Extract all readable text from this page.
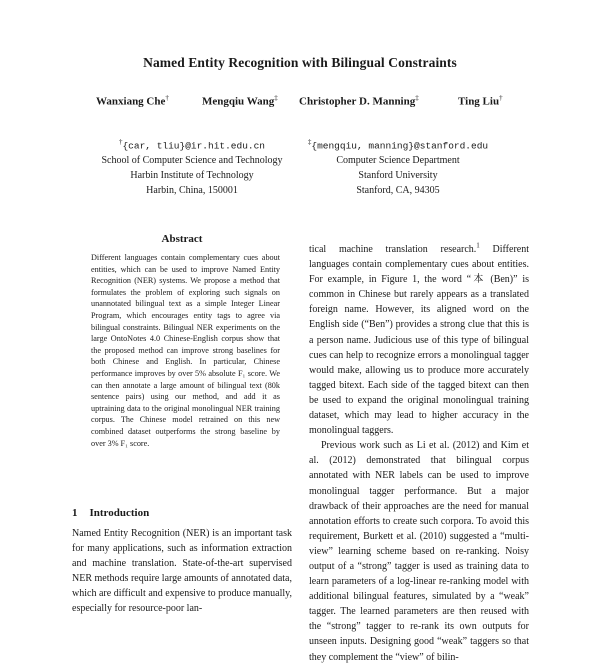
Named Entity Recognition with Bilingual Constraints
Wanxiang Che†	Mengqiu Wang‡ Christopher D. Manning‡	Ting Liu†
†{car, tliu}@ir.hit.edu.cn
School of Computer Science and Technology
Harbin Institute of Technology
Harbin, China, 150001
‡{mengqiu, manning}@stanford.edu
Computer Science Department
Stanford University
Stanford, CA, 94305
Abstract
Different languages contain complementary cues about entities, which can be used to improve Named Entity Recognition (NER) systems. We propose a method that formulates the problem of exploring such signals on unannotated bilingual text as a simple Integer Linear Program, which encourages entity tags to agree via bilingual constraints. Bilingual NER experiments on the large OntoNotes 4.0 Chinese-English corpus show that the proposed method can improve strong baselines for both Chinese and English. In particular, Chinese performance improves by over 5% absolute F₁ score. We can then annotate a large amount of bilingual text (80k sentence pairs) using our method, and add it as uptraining data to the original monolingual NER training corpus. The Chinese model retrained on this new combined dataset outperforms the strong baseline by over 3% F₁ score.
1 Introduction

Named Entity Recognition (NER) is an important task for many applications, such as information extraction and machine translation. State-of-the-art supervised NER methods require large amounts of annotated data, which are difficult and expensive to produce manually, especially for resource-poor lan-

tical machine translation research.$^1$ Different languages contain complementary cues about entities. For example, in Figure 1, the word “本 (Ben)” is common in Chinese but rarely appears as a translated foreign name. However, its aligned word on the English side (“Ben”) provides a strong clue that this is a person name. Judicious use of this type of bilingual cues can help to recognize errors a monolingual tagger would make, allowing us to produce more accurately tagged bitext. Each side of the tagged bitext can then be used to expand the original monolingual training dataset, which may lead to higher accuracy in the monolingual taggers.

Previous work such as Li et al. (2012) and Kim et al. (2012) demonstrated that bilingual corpus annotated with NER labels can be used to improve monolingual tagger performance. But a major drawback of their approaches are the need for manual annotation efforts to create such corpora. To avoid this requirement, Burkett et al. (2010) suggested a “multi-view” learning scheme based on re-ranking. Noisy output of a “strong” tagger is used as training data to learn parameters of a log-linear re-ranking model with additional bilingual features, simulated by a “weak” tagger. The learned parameters are then reused with the “strong” tagger to re-rank its own outputs for unseen inputs. Designing good “weak” taggers so that they complement the “view” of bilin-
